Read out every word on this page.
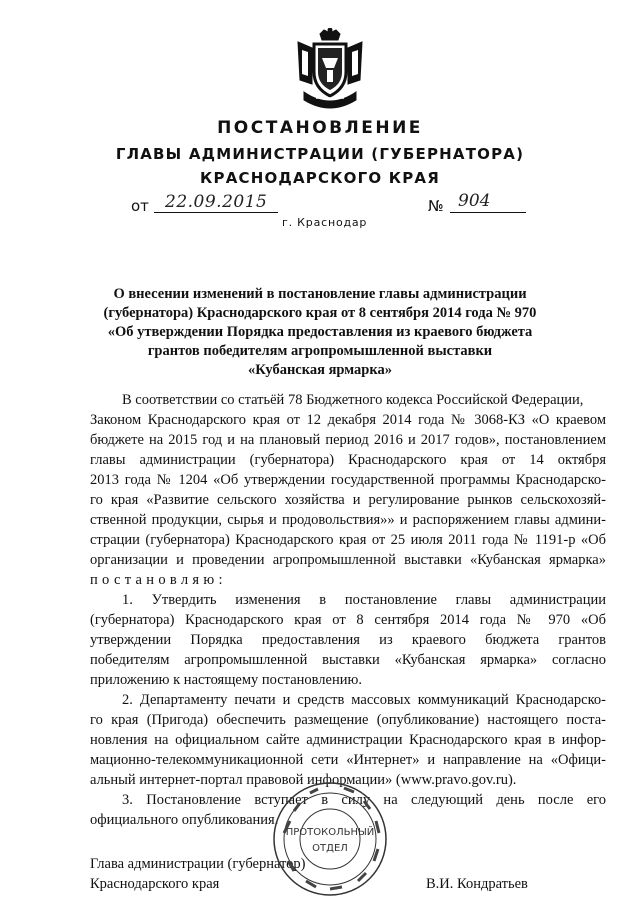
ПОСТАНОВЛЕНИЕ
ГЛАВЫ АДМИНИСТРАЦИИ (ГУБЕРНАТОРА)
КРАСНОДАРСКОГО КРАЯ
от 22.09.2015	№ 904
г. Краснодар
О внесении изменений в постановление главы администрации
(губернатора) Краснодарского края от 8 сентября 2014 года № 970
«Об утверждении Порядка предоставления из краевого бюджета
грантов победителям агропромышленной выставки
«Кубанская ярмарка»
В соответствии со статьёй 78 Бюджетного кодекса Российской Федерации,
Законом Краснодарского края от 12 декабря 2014 года № 3068-КЗ «О краевом
бюджете на 2015 год и на плановый период 2016 и 2017 годов», постановлением
главы администрации (губернатора) Краснодарского края от 14 октября
2013 года № 1204 «Об утверждении государственной программы Краснодарско-
го края «Развитие сельского хозяйства и регулирование рынков сельскохозяй-
ственной продукции, сырья и продовольствия»» и распоряжением главы админи-
страции (губернатора) Краснодарского края от 25 июля 2011 года № 1191-р «Об
организации и проведении агропромышленной выставки «Кубанская ярмарка»
постановляю:
1. Утвердить изменения в постановление главы администрации
(губернатора) Краснодарского края от 8 сентября 2014 года № 970 «Об
утверждении Порядка предоставления из краевого бюджета грантов
победителям агропромышленной выставки «Кубанская ярмарка» согласно
приложению к настоящему постановлению.
2. Департаменту печати и средств массовых коммуникаций Краснодарско-
го края (Пригода) обеспечить размещение (опубликование) настоящего поста-
новления на официальном сайте администрации Краснодарского края в инфор-
мационно-телекоммуникационной сети «Интернет» и направление на «Офици-
альный интернет-портал правовой информации» (www.pravo.gov.ru).
3. Постановление вступает в силу на следующий день после его
официального опубликования.
Глава администрации (губернатор)
Краснодарского края	В.И. Кондратьев
ПРОТОКОЛЬНЫЙ
ОТДЕЛ
